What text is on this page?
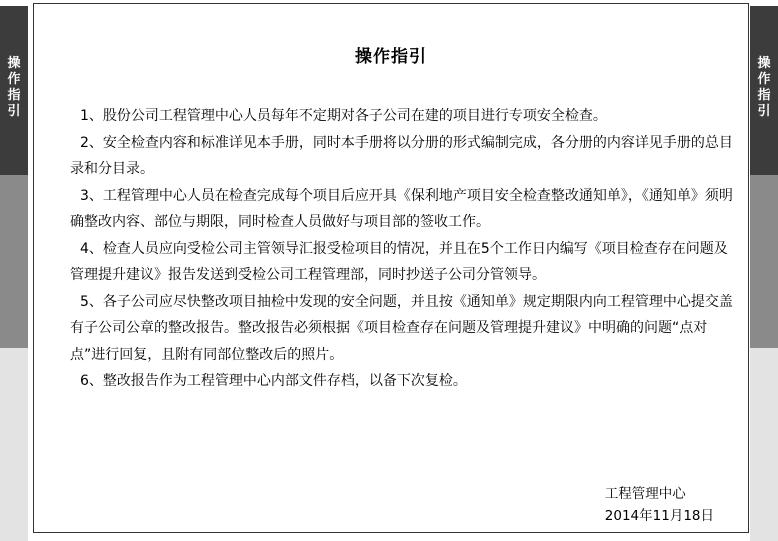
操
作
指
引
操
作
指
引
操作指引

1、股份公司工程管理中心人员每年不定期对各子公司在建的项目进行专项安全检查。

2、安全检查内容和标准详见本手册，同时本手册将以分册的形式编制完成，各分册的内容详见手册的总目录和分目录。

3、工程管理中心人员在检查完成每个项目后应开具《保利地产项目安全检查整改通知单》，《通知单》须明确整改内容、部位与期限，同时检查人员做好与项目部的签收工作。

4、检查人员应向受检公司主管领导汇报受检项目的情况，并且在5个工作日内编写《项目检查存在问题及管理提升建议》报告发送到受检公司工程管理部，同时抄送子公司分管领导。

5、各子公司应尽快整改项目抽检中发现的安全问题，并且按《通知单》规定期限内向工程管理中心提交盖有子公司公章的整改报告。整改报告必须根据《项目检查存在问题及管理提升建议》中明确的问题“点对点”进行回复，且附有同部位整改后的照片。

6、整改报告作为工程管理中心内部文件存档，以备下次复检。

工程管理中心
2014年11月18日
